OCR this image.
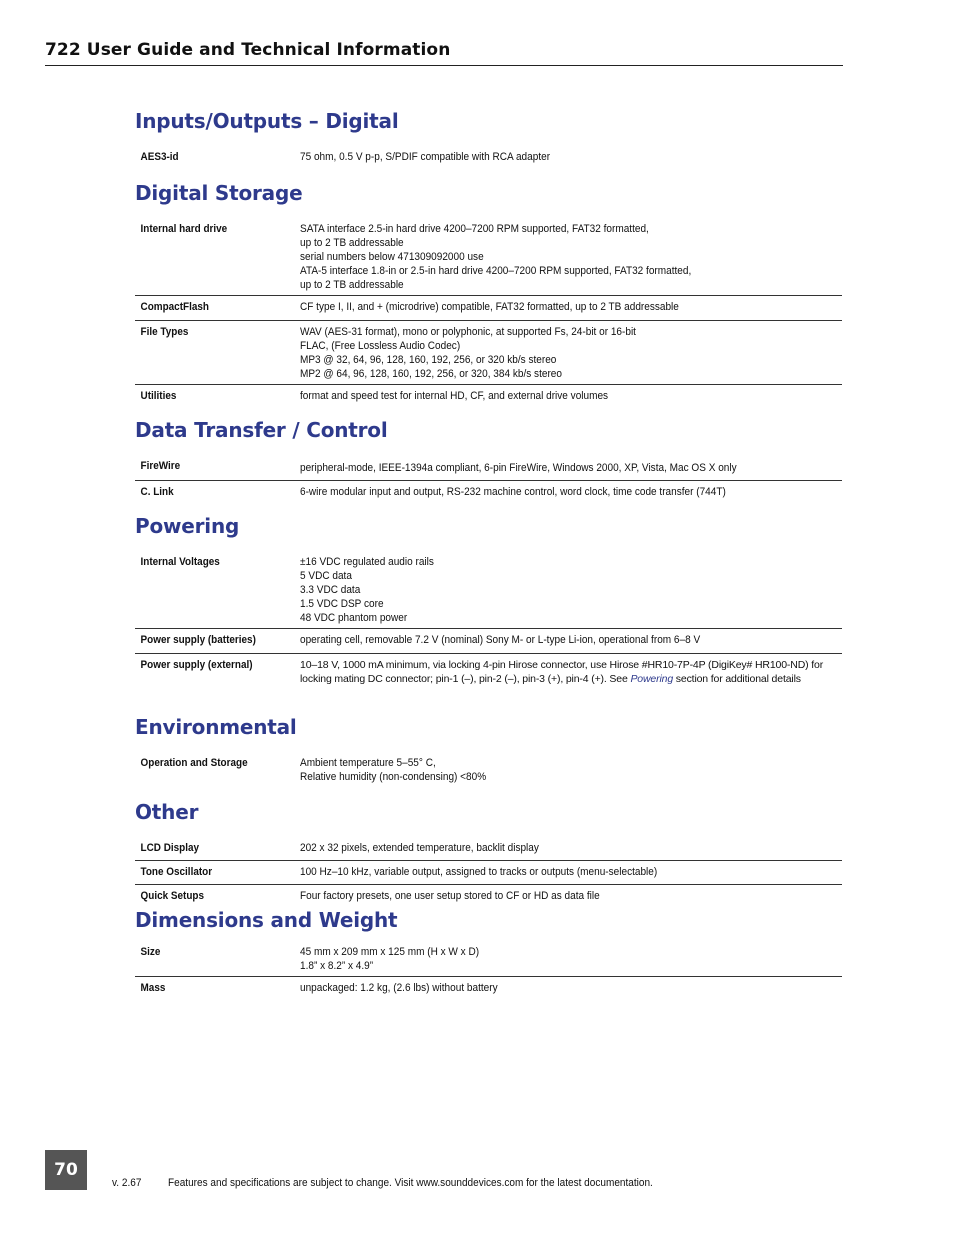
722 User Guide and Technical Information
Inputs/Outputs – Digital
AES3-id	75 ohm, 0.5 V p-p, S/PDIF compatible with RCA adapter
Digital Storage
Internal hard drive	SATA interface 2.5-in hard drive 4200–7200 RPM supported, FAT32 formatted,
up to 2 TB addressable
serial numbers below 471309092000 use
ATA-5 interface 1.8-in or 2.5-in hard drive 4200–7200 RPM supported, FAT32 formatted,
up to 2 TB addressable
CompactFlash	CF type I, II, and + (microdrive) compatible, FAT32 formatted, up to 2 TB addressable
File Types	WAV (AES-31 format), mono or polyphonic, at supported Fs, 24-bit or 16-bit
FLAC, (Free Lossless Audio Codec)
MP3 @ 32, 64, 96, 128, 160, 192, 256, or 320 kb/s stereo
MP2 @ 64, 96, 128, 160, 192, 256, or 320, 384 kb/s stereo
Utilities	format and speed test for internal HD, CF, and external drive volumes
Data Transfer / Control
FireWire	peripheral-mode, IEEE-1394a compliant, 6-pin FireWire, Windows 2000, XP, Vista, Mac OS X only
C. Link	6-wire modular input and output, RS-232 machine control, word clock, time code transfer (744T)
Powering
Internal Voltages	±16 VDC regulated audio rails
5 VDC data
3.3 VDC data
1.5 VDC DSP core
48 VDC phantom power
Power supply (batteries)	operating cell, removable 7.2 V (nominal) Sony M- or L-type Li-ion, operational from 6–8 V
Power supply (external)	10–18 V, 1000 mA minimum, via locking 4-pin Hirose connector, use Hirose #HR10-7P-4P (DigiKey# HR100-ND) for locking mating DC connector; pin-1 (–), pin-2 (–), pin-3 (+), pin-4 (+). See Powering section for additional details
Environmental
Operation and Storage	Ambient temperature 5–55° C,
Relative humidity (non-condensing) <80%
Other
LCD Display	202 x 32 pixels, extended temperature, backlit display
Tone Oscillator	100 Hz–10 kHz, variable output, assigned to tracks or outputs (menu-selectable)
Quick Setups	Four factory presets, one user setup stored to CF or HD as data file
Dimensions and Weight
Size	45 mm x 209 mm x 125 mm (H x W x D)
1.8” x 8.2” x 4.9”
Mass	unpackaged: 1.2 kg, (2.6 lbs) without battery
70
v. 2.67 Features and specifications are subject to change. Visit www.sounddevices.com for the latest documentation.
